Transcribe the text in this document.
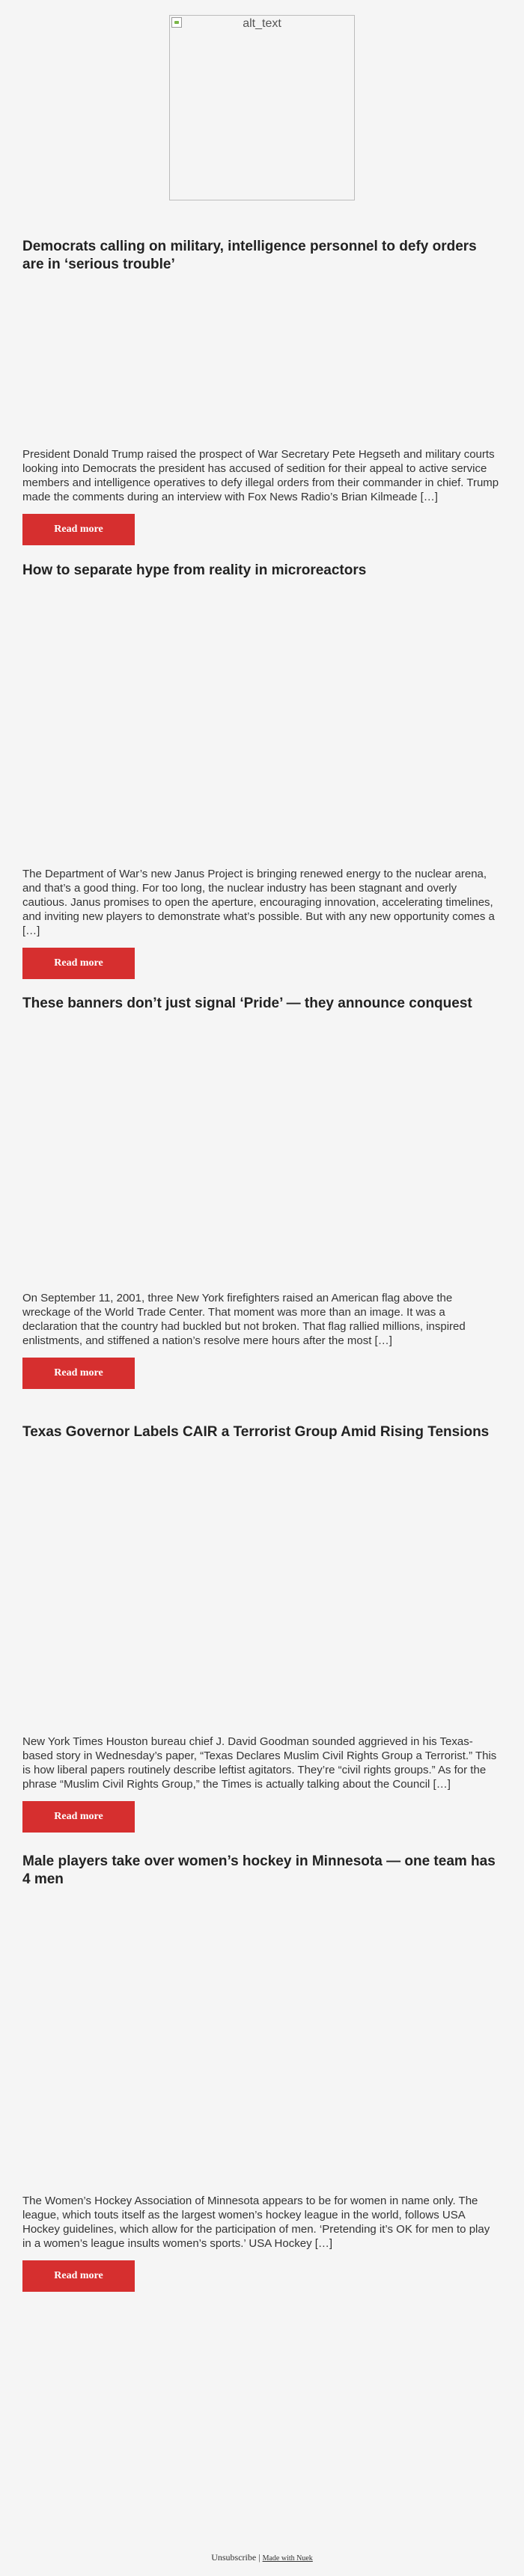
alt_text
Democrats calling on military, intelligence personnel to defy orders are in ‘serious trouble’

President Donald Trump raised the prospect of War Secretary Pete Hegseth and military courts looking into Democrats the president has accused of sedition for their appeal to active service members and intelligence operatives to defy illegal orders from their commander in chief. Trump made the comments during an interview with Fox News Radio’s Brian Kilmeade […]

Read more
How to separate hype from reality in microreactors

The Department of War’s new Janus Project is bringing renewed energy to the nuclear arena, and that’s a good thing. For too long, the nuclear industry has been stagnant and overly cautious. Janus promises to open the aperture, encouraging innovation, accelerating timelines, and inviting new players to demonstrate what’s possible. But with any new opportunity comes a […]

Read more
These banners don’t just signal ‘Pride’ — they announce conquest

On September 11, 2001, three New York firefighters raised an American flag above the wreckage of the World Trade Center. That moment was more than an image. It was a declaration that the country had buckled but not broken. That flag rallied millions, inspired enlistments, and stiffened a nation’s resolve mere hours after the most […]

Read more
Texas Governor Labels CAIR a Terrorist Group Amid Rising Tensions

New York Times Houston bureau chief J. David Goodman sounded aggrieved in his Texas-based story in Wednesday’s paper, “Texas Declares Muslim Civil Rights Group a Terrorist.” This is how liberal papers routinely describe leftist agitators. They’re “civil rights groups.” As for the phrase “Muslim Civil Rights Group,” the Times is actually talking about the Council […]

Read more
Male players take over women’s hockey in Minnesota — one team has 4 men

The Women’s Hockey Association of Minnesota appears to be for women in name only. The league, which touts itself as the largest women’s hockey league in the world, follows USA Hockey guidelines, which allow for the participation of men. ‘Pretending it’s OK for men to play in a women’s league insults women’s sports.’ USA Hockey […]

Read more
Unsubscribe | Made with Nuek
